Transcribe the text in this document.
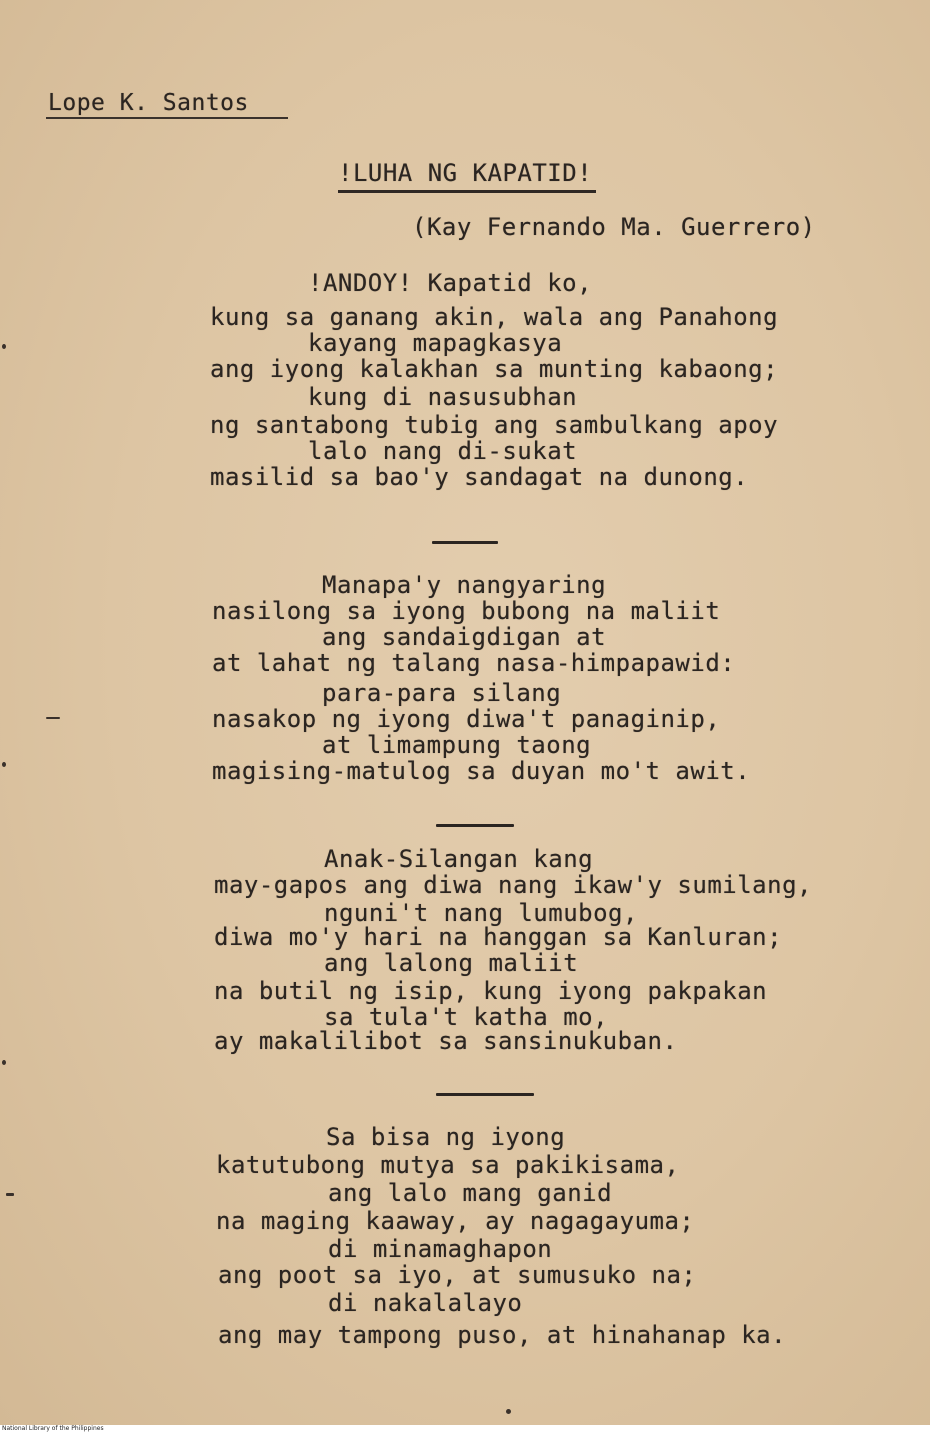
Lope K. Santos
!LUHA NG KAPATID!
(Kay Fernando Ma. Guerrero)
!ANDOY! Kapatid ko,
kung sa ganang akin, wala ang Panahong
kayang mapagkasya
ang iyong kalakhan sa munting kabaong;
kung di nasusubhan
ng santabong tubig ang sambulkang apoy
lalo nang di-sukat
masilid sa bao'y sandagat na dunong.
Manapa'y nangyaring
nasilong sa iyong bubong na maliit
ang sandaigdigan at
at lahat ng talang nasa-himpapawid:
para-para silang
nasakop ng iyong diwa't panaginip,
at limampung taong
magising-matulog sa duyan mo't awit.
Anak-Silangan kang
may-gapos ang diwa nang ikaw'y sumilang,
nguni't nang lumubog,
diwa mo'y hari na hanggan sa Kanluran;
ang lalong maliit
na butil ng isip, kung iyong pakpakan
sa tula't katha mo,
ay makalilibot sa sansinukuban.
Sa bisa ng iyong
katutubong mutya sa pakikisama,
ang lalo mang ganid
na maging kaaway, ay nagagayuma;
di minamaghapon
ang poot sa iyo, at sumusuko na;
di nakalalayo
ang may tampong puso, at hinahanap ka.
National Library of the Philippines
